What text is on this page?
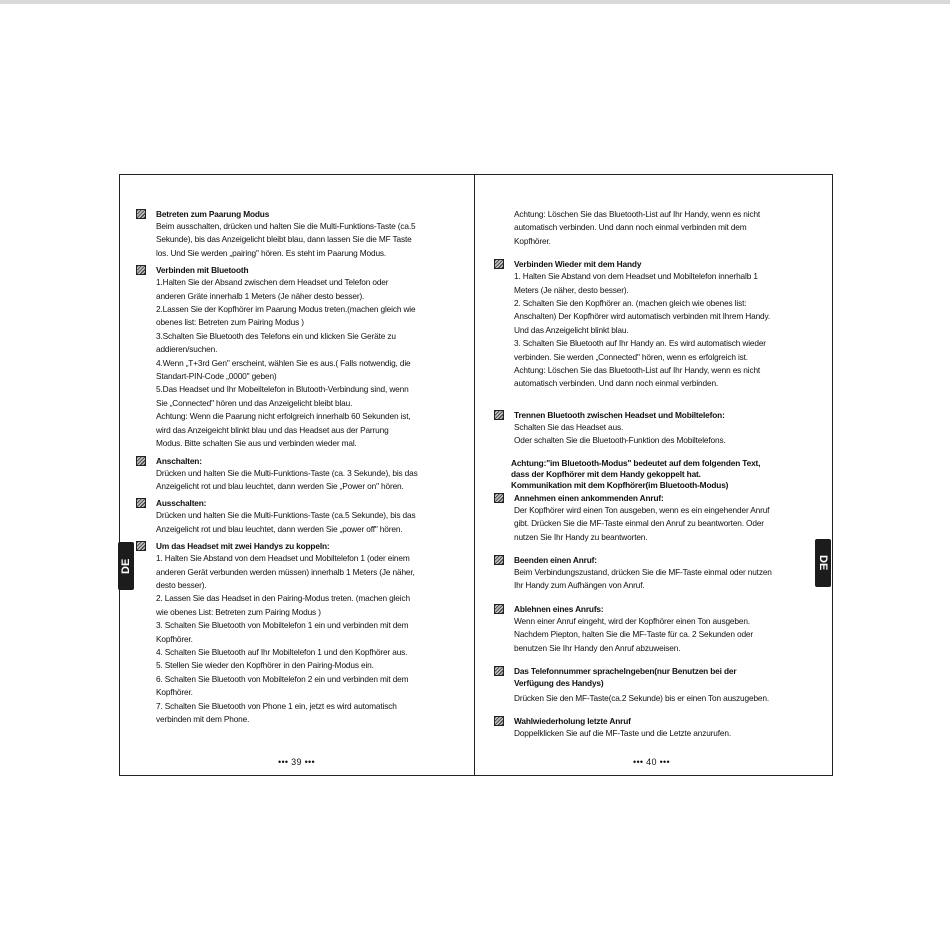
DE	DE
Betreten zum Paarung Modus

Beim ausschalten, drücken und halten Sie die Multi-Funktions-Taste (ca.5

Sekunde), bis das Anzeigelicht bleibt blau, dann lassen Sie die MF Taste

los. Und Sie werden „pairing" hören. Es steht im Paarung Modus.

Verbinden mit Bluetooth

1.Halten Sie der Absand zwischen dem Headset und Telefon oder

anderen Gräte innerhalb 1 Meters (Je näher desto besser).

2.Lassen Sie der Kopfhörer im Paarung Modus treten.(machen gleich wie

obenes list: Betreten zum Pairing Modus )

3.Schalten Sie Bluetooth des Telefons ein und klicken Sie Geräte zu

addieren/suchen.

4.Wenn „T+3rd Gen" erscheint, wählen Sie es aus.( Falls notwendig, die

Standart-PIN-Code „0000" geben)

5.Das Headset und Ihr Mobeiltelefon in Blutooth-Verbindung sind, wenn

Sie „Connected" hören und das Anzeigelicht bleibt blau.

Achtung: Wenn die Paarung nicht erfolgreich innerhalb 60 Sekunden ist,

wird das Anzeigeicht blinkt blau und das Headset aus der Parrung

Modus. Bitte schalten Sie aus und verbinden wieder mal.

Anschalten:

Drücken und halten Sie die Multi-Funktions-Taste (ca. 3 Sekunde), bis das

Anzeigelicht rot und blau leuchtet, dann werden Sie „Power on" hören.

Ausschalten:

Drücken und halten Sie die Multi-Funktions-Taste (ca.5 Sekunde), bis das

Anzeigelicht rot und blau leuchtet, dann werden Sie „power off" hören.

Um das Headset mit zwei Handys zu koppeln:

1. Halten Sie Abstand von dem Headset und Mobiltelefon 1 (oder einem

anderen Gerät verbunden werden müssen) innerhalb 1 Meters (Je näher,

desto besser).

2. Lassen Sie das Headset in den Pairing-Modus treten. (machen gleich

wie obenes List: Betreten zum Pairing Modus )

3. Schalten Sie Bluetooth von Mobiltelefon 1 ein und verbinden mit dem

Kopfhörer.

4. Schalten Sie Bluetooth auf Ihr Mobiltelefon 1 und den Kopfhörer aus.

5. Stellen Sie wieder den Kopfhörer in den Pairing-Modus ein.

6. Schalten Sie Bluetooth von Mobiltelefon 2 ein und verbinden mit dem

Kopfhörer.

7. Schalten Sie Bluetooth von Phone 1 ein, jetzt es wird automatisch

verbinden mit dem Phone.

••• 39 •••

Achtung: Löschen Sie das Bluetooth-List auf Ihr Handy, wenn es nicht

automatisch verbinden. Und dann noch einmal verbinden mit dem

Kopfhörer.

Verbinden Wieder mit dem Handy

1. Halten Sie Abstand von dem Headset und Mobiltelefon innerhalb 1

Meters (Je näher, desto besser).

2. Schalten Sie den Kopfhörer an. (machen gleich wie obenes list:

Anschalten) Der Kopfhörer wird automatisch verbinden mit Ihrem Handy.

Und das Anzeigelicht blinkt blau.

3. Schalten Sie Bluetooth auf Ihr Handy an. Es wird automatisch wieder

verbinden. Sie werden „Connected" hören, wenn es erfolgreich ist.

Achtung: Löschen Sie das Bluetooth-List auf Ihr Handy, wenn es nicht

automatisch verbinden. Und dann noch einmal verbinden.

Trennen Bluetooth zwischen Headset und Mobiltelefon:

Schalten Sie das Headset aus.

Oder schalten Sie die Bluetooth-Funktion des Mobiltelefons.

Achtung:"im Bluetooth-Modus" bedeutet auf dem folgenden Text,

dass der Kopfhörer mit dem Handy gekoppelt hat.

Kommunikation mit dem Kopfhörer(im Bluetooth-Modus)

Annehmen einen ankommenden Anruf:

Der Kopfhörer wird einen Ton ausgeben, wenn es ein eingehender Anruf

gibt. Drücken Sie die MF-Taste einmal den Anruf zu beantworten. Oder

nutzen Sie Ihr Handy zu beantworten.

Beenden einen Anruf:

Beim Verbindungszustand, drücken Sie die MF-Taste einmal oder nutzen

Ihr Handy zum Aufhängen von Anruf.

Ablehnen eines Anrufs:

Wenn einer Anruf eingeht, wird der Kopfhörer einen Ton ausgeben.

Nachdem Piepton, halten Sie die MF-Taste für ca. 2 Sekunden oder

benutzen Sie Ihr Handy den Anruf abzuweisen.

Das Telefonnummer sprachelngeben(nur Benutzen bei der
Verfügung des Handys)

Drücken Sie den MF-Taste(ca.2 Sekunde) bis er einen Ton auszugeben.

Wahlwiederholung letzte Anruf

Doppelklicken Sie auf die MF-Taste und die Letzte anzurufen.

••• 40 •••
